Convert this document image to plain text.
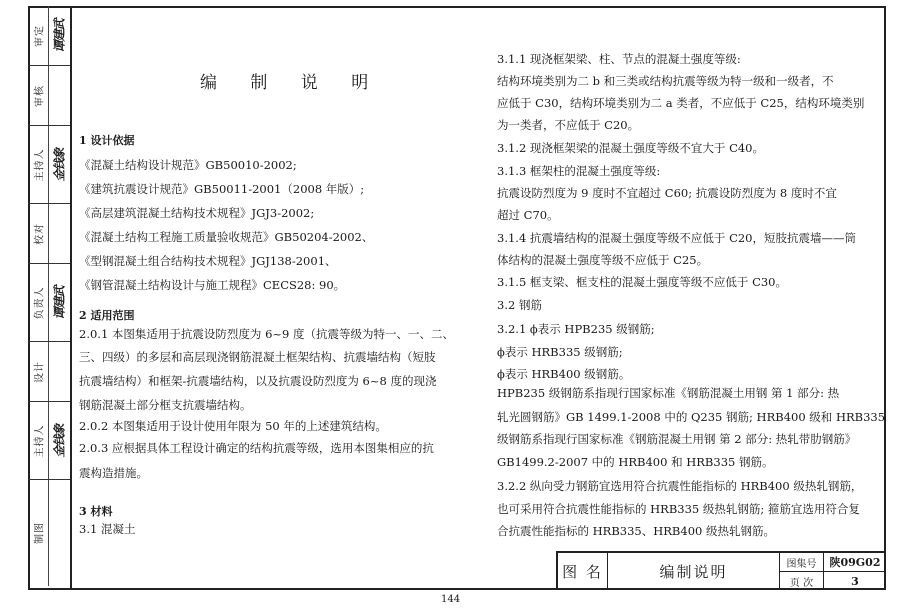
审定 谭建武
审核
主持人 金钱象
校对
负责人 谭建武
设计
主持人 金钱象
制图
编 制 说 明
1 设计依据
《混凝土结构设计规范》GB50010-2002;
《建筑抗震设计规范》GB50011-2001（2008 年版）;
《高层建筑混凝土结构技术规程》JGJ3-2002;
《混凝土结构工程施工质量验收规范》GB50204-2002、
《型钢混凝土组合结构技术规程》JGJ138-2001、
《钢管混凝土结构设计与施工规程》CECS28: 90。
2 适用范围
2.0.1 本图集适用于抗震设防烈度为 6~9 度（抗震等级为特一、一、二、
三、四级）的多层和高层现浇钢筋混凝土框架结构、抗震墙结构（短肢
抗震墙结构）和框架-抗震墙结构，以及抗震设防烈度为 6~8 度的现浇
钢筋混凝土部分框支抗震墙结构。
2.0.2 本图集适用于设计使用年限为 50 年的上述建筑结构。
2.0.3 应根据具体工程设计确定的结构抗震等级，选用本图集相应的抗
震构造措施。
3 材料
3.1 混凝土
3.1.1 现浇框架梁、柱、节点的混凝土强度等级:
结构环境类别为二 b 和三类或结构抗震等级为特一级和一级者，不
应低于 C30，结构环境类别为二 a 类者，不应低于 C25，结构环境类别
为一类者，不应低于 C20。
3.1.2 现浇框架梁的混凝土强度等级不宜大于 C40。
3.1.3 框架柱的混凝土强度等级:
抗震设防烈度为 9 度时不宜超过 C60; 抗震设防烈度为 8 度时不宜
超过 C70。
3.1.4 抗震墙结构的混凝土强度等级不应低于 C20，短肢抗震墙——筒
体结构的混凝土强度等级不应低于 C25。
3.1.5 框支梁、框支柱的混凝土强度等级不应低于 C30。
3.2 钢筋
3.2.1 ϕ表示 HPB235 级钢筋;
ϕ表示 HRB335 级钢筋;
ϕ表示 HRB400 级钢筋。
HPB235 级钢筋系指现行国家标准《钢筋混凝土用钢 第 1 部分: 热
轧光圆钢筋》GB 1499.1-2008 中的 Q235 钢筋; HRB400 级和 HRB335
级钢筋系指现行国家标准《钢筋混凝土用钢 第 2 部分: 热轧带肋钢筋》
GB1499.2-2007 中的 HRB400 和 HRB335 钢筋。
3.2.2 纵向受力钢筋宜选用符合抗震性能指标的 HRB400 级热轧钢筋，
也可采用符合抗震性能指标的 HRB335 级热轧钢筋; 箍筋宜选用符合复
合抗震性能指标的 HRB335、HRB400 级热轧钢筋。
图 名	编制说明	图集号	陕09G02
页 次	3
144
